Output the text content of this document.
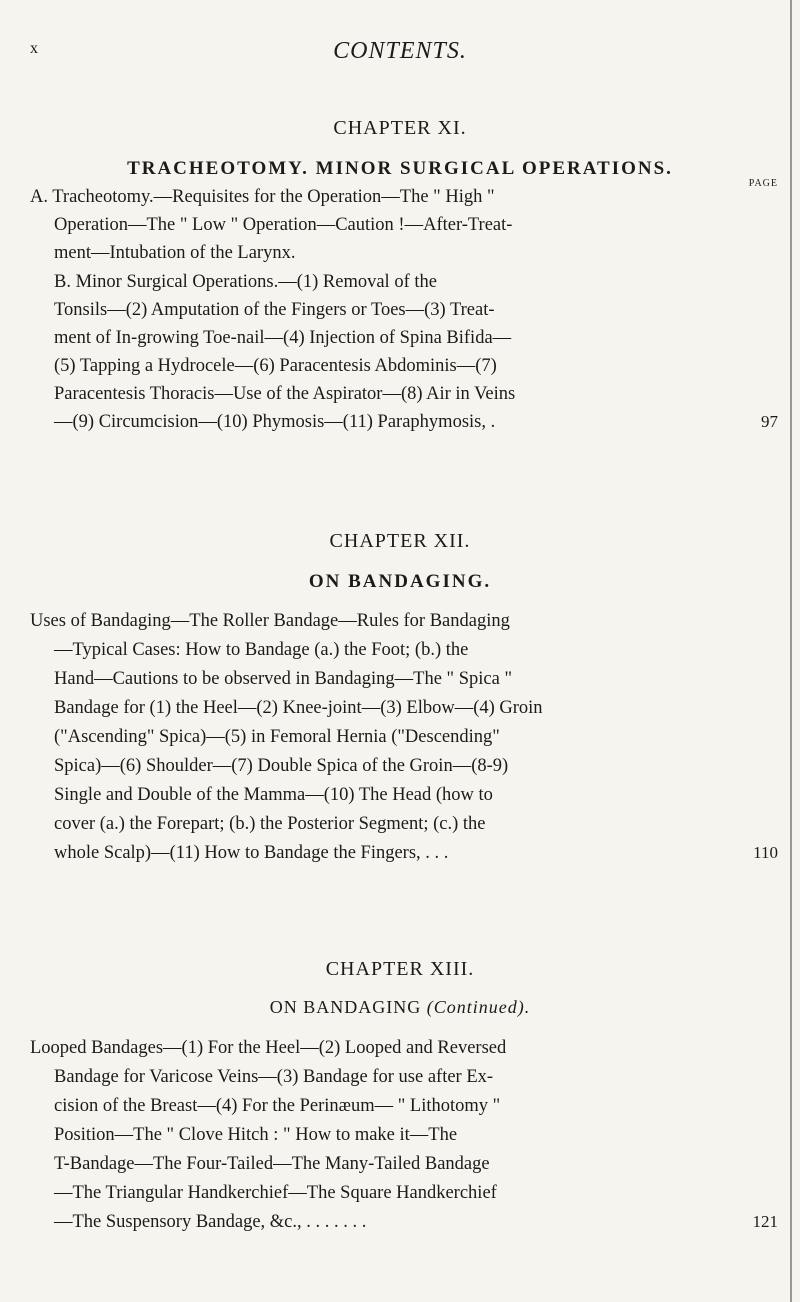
x	CONTENTS.
CHAPTER XI.
TRACHEOTOMY. MINOR SURGICAL OPERATIONS.
PAGE
A. Tracheotomy.—Requisites for the Operation—The " High "
Operation—The " Low " Operation—Caution !—After-Treat-
ment—Intubation of the Larynx.
B. Minor Surgical Operations.—(1) Removal of the
Tonsils—(2) Amputation of the Fingers or Toes—(3) Treat-
ment of In-growing Toe-nail—(4) Injection of Spina Bifida—
(5) Tapping a Hydrocele—(6) Paracentesis Abdominis—(7)
Paracentesis Thoracis—Use of the Aspirator—(8) Air in Veins
—(9) Circumcision—(10) Phymosis—(11) Paraphymosis, .	97
CHAPTER XII.
ON BANDAGING.
Uses of Bandaging—The Roller Bandage—Rules for Bandaging
—Typical Cases: How to Bandage (a.) the Foot; (b.) the
Hand—Cautions to be observed in Bandaging—The " Spica "
Bandage for (1) the Heel—(2) Knee-joint—(3) Elbow—(4) Groin
("Ascending" Spica)—(5) in Femoral Hernia ("Descending"
Spica)—(6) Shoulder—(7) Double Spica of the Groin—(8-9)
Single and Double of the Mamma—(10) The Head (how to
cover (a.) the Forepart; (b.) the Posterior Segment; (c.) the
whole Scalp)—(11) How to Bandage the Fingers, . . .	110
CHAPTER XIII.
ON BANDAGING (Continued).
Looped Bandages—(1) For the Heel—(2) Looped and Reversed
Bandage for Varicose Veins—(3) Bandage for use after Ex-
cision of the Breast—(4) For the Perinæum— " Lithotomy "
Position—The " Clove Hitch : " How to make it—The
T-Bandage—The Four-Tailed—The Many-Tailed Bandage
—The Triangular Handkerchief—The Square Handkerchief
—The Suspensory Bandage, &c., . . . . . . .	121
